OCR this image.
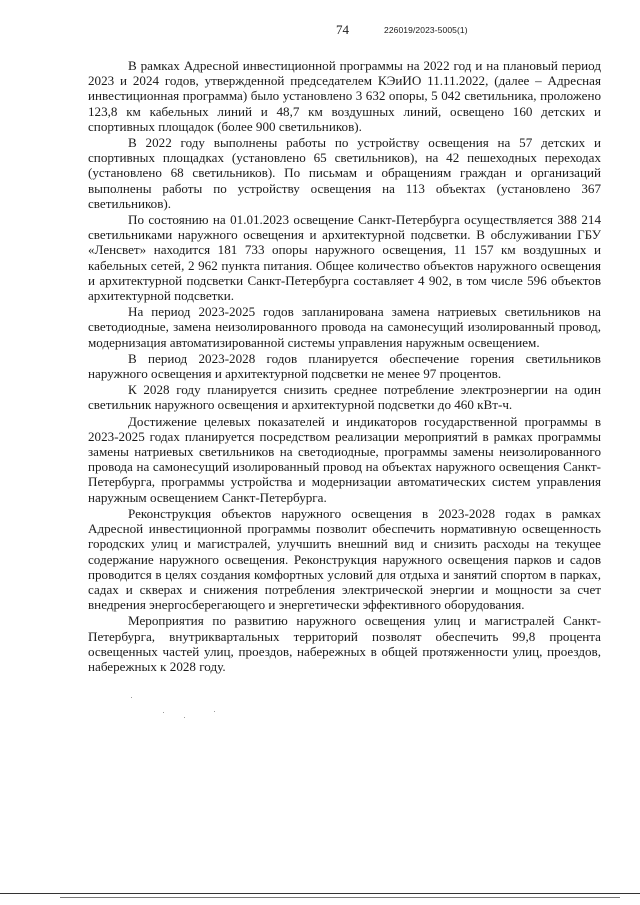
74	226019/2023-5005(1)

В рамках Адресной инвестиционной программы на 2022 год и на плановый период 2023 и 2024 годов, утвержденной председателем КЭиИО 11.11.2022, (далее – Адресная инвестиционная программа) было установлено 3 632 опоры, 5 042 светильника, проложено 123,8 км кабельных линий и 48,7 км воздушных линий, освещено 160 детских и спортивных площадок (более 900 светильников).

В 2022 году выполнены работы по устройству освещения на 57 детских и спортивных площадках (установлено 65 светильников), на 42 пешеходных переходах (установлено 68 светильников). По письмам и обращениям граждан и организаций выполнены работы по устройству освещения на 113 объектах (установлено 367 светильников).

По состоянию на 01.01.2023 освещение Санкт-Петербурга осуществляется 388 214 светильниками наружного освещения и архитектурной подсветки. В обслуживании ГБУ «Ленсвет» находится 181 733 опоры наружного освещения, 11 157 км воздушных и кабельных сетей, 2 962 пункта питания. Общее количество объектов наружного освещения и архитектурной подсветки Санкт-Петербурга составляет 4 902, в том числе 596 объектов архитектурной подсветки.

На период 2023-2025 годов запланирована замена натриевых светильников на светодиодные, замена неизолированного провода на самонесущий изолированный провод, модернизация автоматизированной системы управления наружным освещением.

В период 2023-2028 годов планируется обеспечение горения светильников наружного освещения и архитектурной подсветки не менее 97 процентов.

К 2028 году планируется снизить среднее потребление электроэнергии на один светильник наружного освещения и архитектурной подсветки до 460 кВт-ч.

Достижение целевых показателей и индикаторов государственной программы в 2023-2025 годах планируется посредством реализации мероприятий в рамках программы замены натриевых светильников на светодиодные, программы замены неизолированного провода на самонесущий изолированный провод на объектах наружного освещения Санкт-Петербурга, программы устройства и модернизации автоматических систем управления наружным освещением Санкт-Петербурга.

Реконструкция объектов наружного освещения в 2023-2028 годах в рамках Адресной инвестиционной программы позволит обеспечить нормативную освещенность городских улиц и магистралей, улучшить внешний вид и снизить расходы на текущее содержание наружного освещения. Реконструкция наружного освещения парков и садов проводится в целях создания комфортных условий для отдыха и занятий спортом в парках, садах и скверах и снижения потребления электрической энергии и мощности за счет внедрения энергосберегающего и энергетически эффективного оборудования.

Мероприятия по развитию наружного освещения улиц и магистралей Санкт-Петербурга, внутриквартальных территорий позволят обеспечить 99,8 процента освещенных частей улиц, проездов, набережных в общей протяженности улиц, проездов, набережных к 2028 году.
